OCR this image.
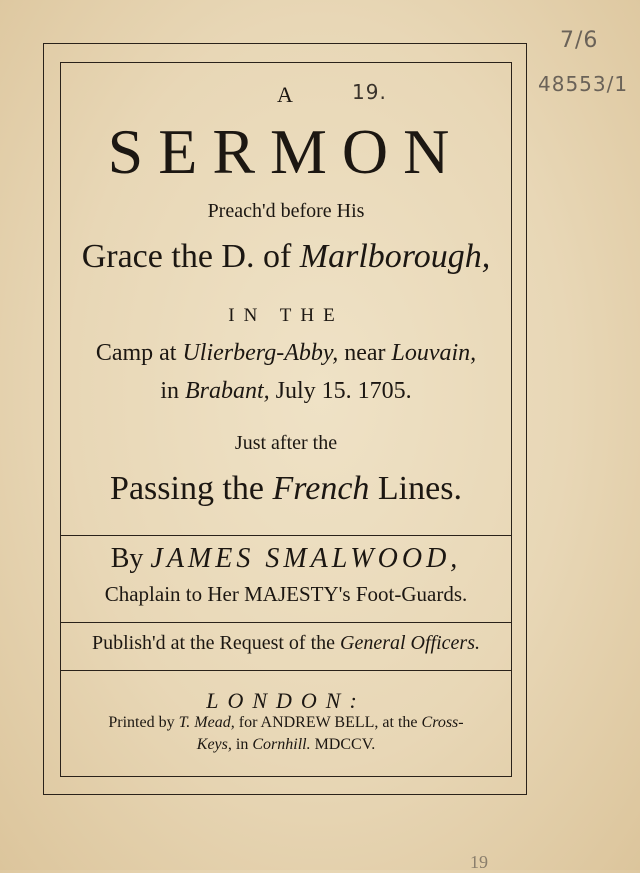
7/6
48553/1
A	19.
SERMON
Preach'd before His
Grace the D. of Marlborough,
IN THE
Camp at Ulierberg-Abby, near Louvain,
in Brabant, July 15. 1705.
Just after the
Passing the French Lines.
By JAMES SMALWOOD,
Chaplain to Her MAJESTY's Foot-Guards.
Publish'd at the Request of the General Officers.
LONDON:
Printed by T. Mead, for ANDREW BELL, at the Cross-
Keys, in Cornhill. MDCCV.
19
